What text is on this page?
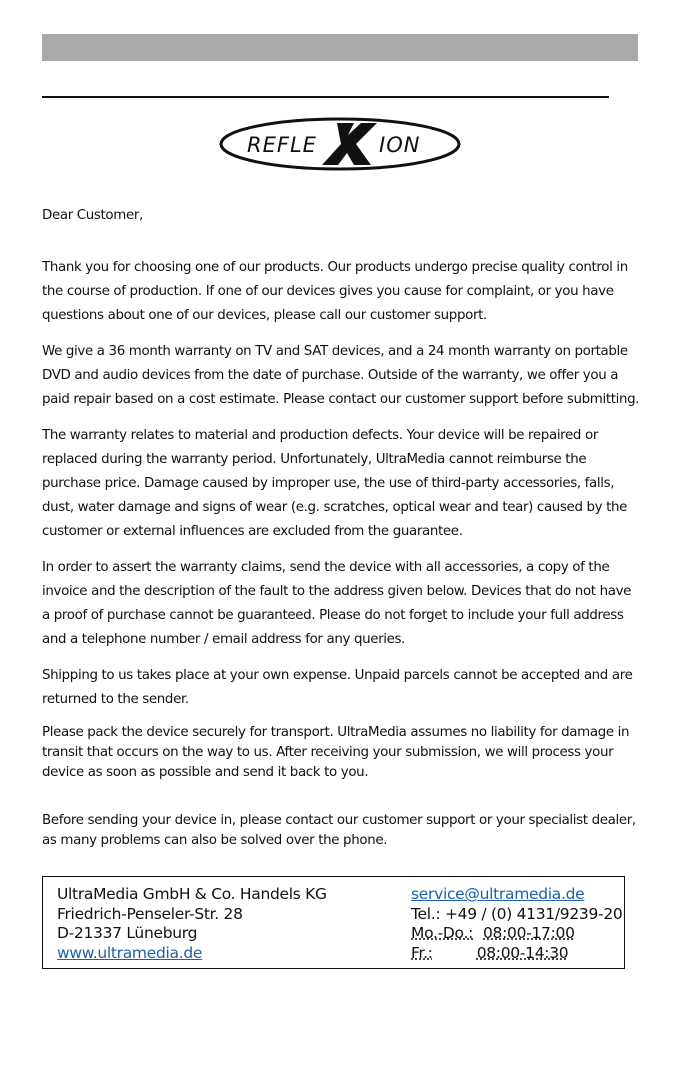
REFLE	ION
Dear Customer,
Thank you for choosing one of our products. Our products undergo precise quality control in the course of production. If one of our devices gives you cause for complaint, or you have questions about one of our devices, please call our customer support.
We give a 36 month warranty on TV and SAT devices, and a 24 month warranty on portable DVD and audio devices from the date of purchase. Outside of the warranty, we offer you a paid repair based on a cost estimate. Please contact our customer support before submitting.
The warranty relates to material and production defects. Your device will be repaired or replaced during the warranty period. Unfortunately, UltraMedia cannot reimburse the purchase price. Damage caused by improper use, the use of third-party accessories, falls, dust, water damage and signs of wear (e.g. scratches, optical wear and tear) caused by the customer or external influences are excluded from the guarantee.
In order to assert the warranty claims, send the device with all accessories, a copy of the invoice and the description of the fault to the address given below. Devices that do not have a proof of purchase cannot be guaranteed. Please do not forget to include your full address and a telephone number / email address for any queries.
Shipping to us takes place at your own expense. Unpaid parcels cannot be accepted and are returned to the sender.
Please pack the device securely for transport. UltraMedia assumes no liability for damage in transit that occurs on the way to us. After receiving your submission, we will process your device as soon as possible and send it back to you.
Before sending your device in, please contact our customer support or your specialist dealer, as many problems can also be solved over the phone.
UltraMedia GmbH & Co. Handels KG
Friedrich-Penseler-Str. 28
D-21337 Lüneburg
www.ultramedia.de
service@ultramedia.de
Tel.: +49 / (0) 4131/9239-20
Mo.-Do.: 08:00-17:00
Fr.:	08:00-14:30
